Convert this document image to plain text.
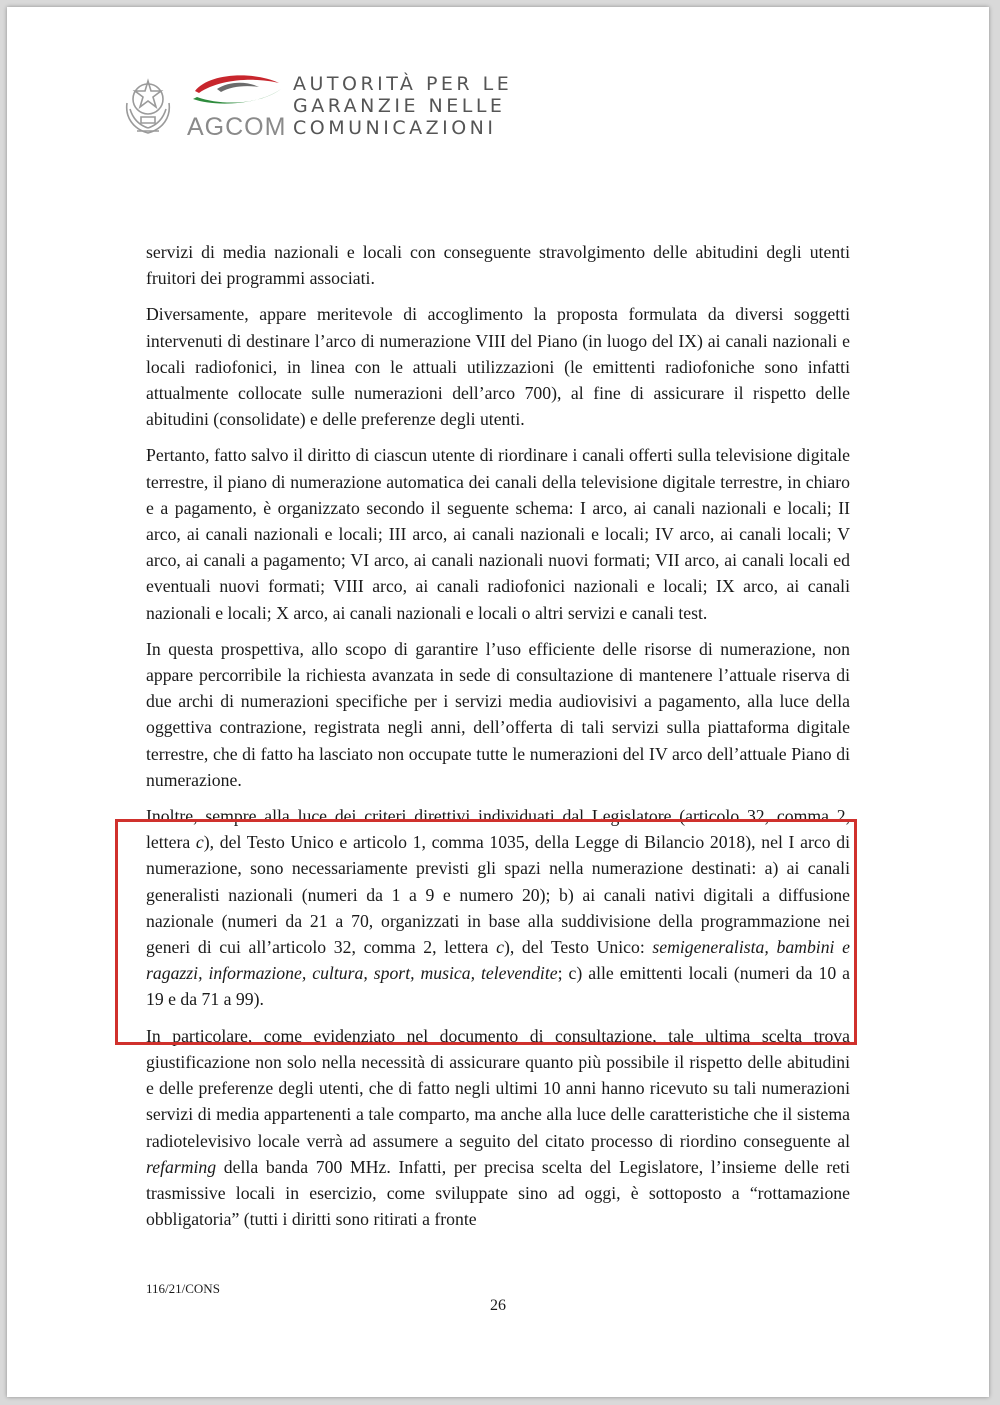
AGCOM
AUTORITÀ PER LE
GARANZIE NELLE
COMUNICAZIONI

servizi di media nazionali e locali con conseguente stravolgimento delle abitudini degli utenti fruitori dei programmi associati.

Diversamente, appare meritevole di accoglimento la proposta formulata da diversi soggetti intervenuti di destinare l’arco di numerazione VIII del Piano (in luogo del IX) ai canali nazionali e locali radiofonici, in linea con le attuali utilizzazioni (le emittenti radiofoniche sono infatti attualmente collocate sulle numerazioni dell’arco 700), al fine di assicurare il rispetto delle abitudini (consolidate) e delle preferenze degli utenti.

Pertanto, fatto salvo il diritto di ciascun utente di riordinare i canali offerti sulla televisione digitale terrestre, il piano di numerazione automatica dei canali della televisione digitale terrestre, in chiaro e a pagamento, è organizzato secondo il seguente schema: I arco, ai canali nazionali e locali; II arco, ai canali nazionali e locali; III arco, ai canali nazionali e locali; IV arco, ai canali locali; V arco, ai canali a pagamento; VI arco, ai canali nazionali nuovi formati; VII arco, ai canali locali ed eventuali nuovi formati; VIII arco, ai canali radiofonici nazionali e locali; IX arco, ai canali nazionali e locali; X arco, ai canali nazionali e locali o altri servizi e canali test.

In questa prospettiva, allo scopo di garantire l’uso efficiente delle risorse di numerazione, non appare percorribile la richiesta avanzata in sede di consultazione di mantenere l’attuale riserva di due archi di numerazioni specifiche per i servizi media audiovisivi a pagamento, alla luce della oggettiva contrazione, registrata negli anni, dell’offerta di tali servizi sulla piattaforma digitale terrestre, che di fatto ha lasciato non occupate tutte le numerazioni del IV arco dell’attuale Piano di numerazione.

Inoltre, sempre alla luce dei criteri direttivi individuati dal Legislatore (articolo 32, comma 2, lettera c), del Testo Unico e articolo 1, comma 1035, della Legge di Bilancio 2018), nel I arco di numerazione, sono necessariamente previsti gli spazi nella numerazione destinati: a) ai canali generalisti nazionali (numeri da 1 a 9 e numero 20); b) ai canali nativi digitali a diffusione nazionale (numeri da 21 a 70, organizzati in base alla suddivisione della programmazione nei generi di cui all’articolo 32, comma 2, lettera c), del Testo Unico: semigeneralista, bambini e ragazzi, informazione, cultura, sport, musica, televendite; c) alle emittenti locali (numeri da 10 a 19 e da 71 a 99).

In particolare, come evidenziato nel documento di consultazione, tale ultima scelta trova giustificazione non solo nella necessità di assicurare quanto più possibile il rispetto delle abitudini e delle preferenze degli utenti, che di fatto negli ultimi 10 anni hanno ricevuto su tali numerazioni servizi di media appartenenti a tale comparto, ma anche alla luce delle caratteristiche che il sistema radiotelevisivo locale verrà ad assumere a seguito del citato processo di riordino conseguente al refarming della banda 700 MHz. Infatti, per precisa scelta del Legislatore, l’insieme delle reti trasmissive locali in esercizio, come sviluppate sino ad oggi, è sottoposto a “rottamazione obbligatoria” (tutti i diritti sono ritirati a fronte

116/21/CONS
26
